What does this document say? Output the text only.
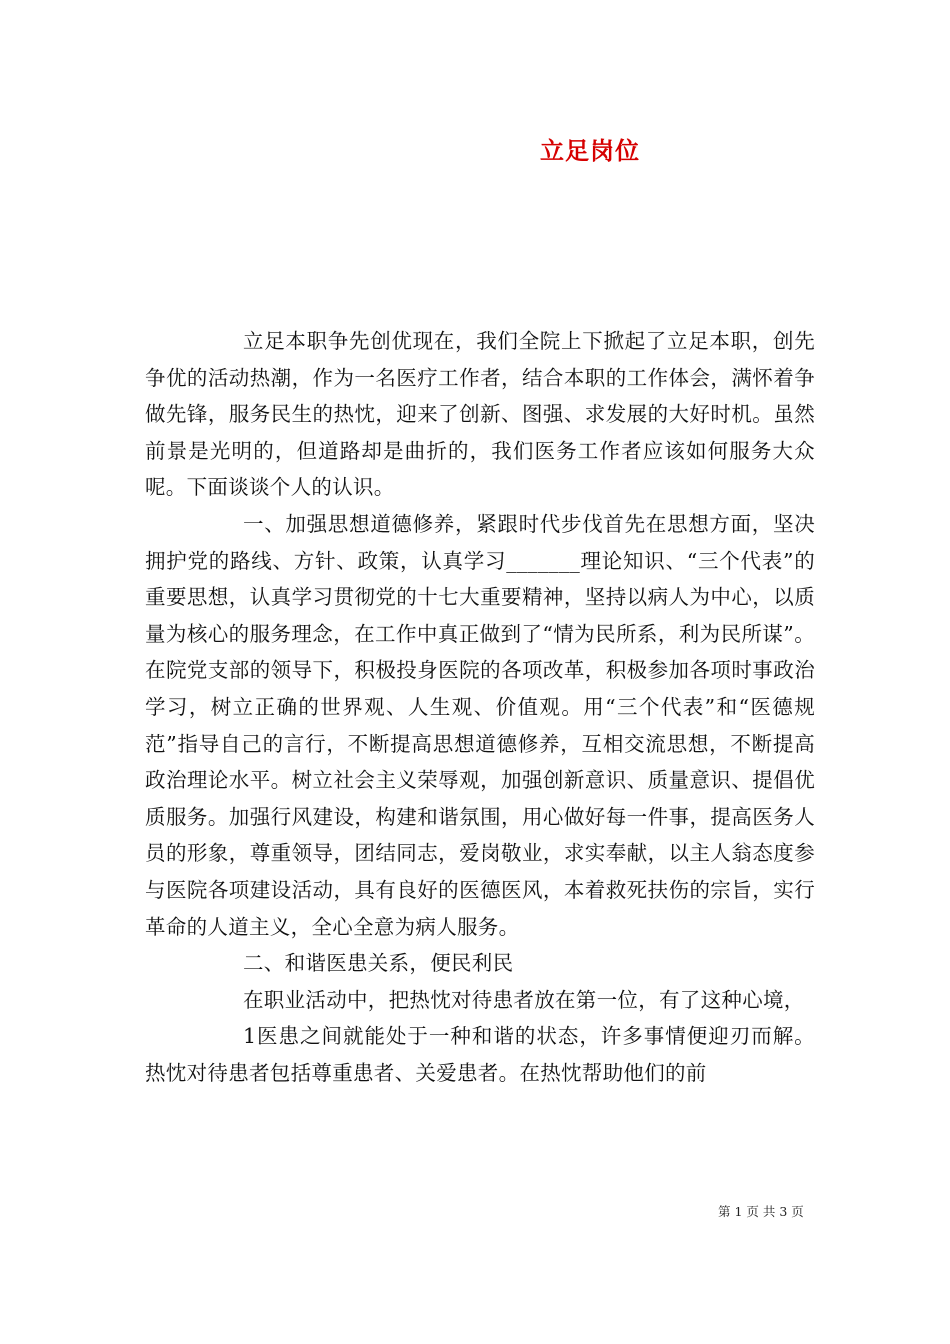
立足岗位

立足本职争先创优现在，我们全院上下掀起了立足本职，创先争优的活动热潮，作为一名医疗工作者，结合本职的工作体会，满怀着争做先锋，服务民生的热忱，迎来了创新、图强、求发展的大好时机。虽然前景是光明的，但道路却是曲折的，我们医务工作者应该如何服务大众呢。下面谈谈个人的认识。

一、加强思想道德修养，紧跟时代步伐首先在思想方面，坚决拥护党的路线、方针、政策，认真学习_______理论知识、“三个代表”的重要思想，认真学习贯彻党的十七大重要精神，坚持以病人为中心，以质量为核心的服务理念，在工作中真正做到了“情为民所系，利为民所谋”。在院党支部的领导下，积极投身医院的各项改革，积极参加各项时事政治学习，树立正确的世界观、人生观、价值观。用“三个代表”和“医德规范”指导自己的言行，不断提高思想道德修养，互相交流思想，不断提高政治理论水平。树立社会主义荣辱观，加强创新意识、质量意识、提倡优质服务。加强行风建设，构建和谐氛围，用心做好每一件事，提高医务人员的形象，尊重领导，团结同志，爱岗敬业，求实奉献，以主人翁态度参与医院各项建设活动，具有良好的医德医风，本着救死扶伤的宗旨，实行革命的人道主义，全心全意为病人服务。

二、和谐医患关系，便民利民

在职业活动中，把热忱对待患者放在第一位，有了这种心境，

1医患之间就能处于一种和谐的状态，许多事情便迎刃而解。热忱对待患者包括尊重患者、关爱患者。在热忱帮助他们的前

第 1 页 共 3 页
